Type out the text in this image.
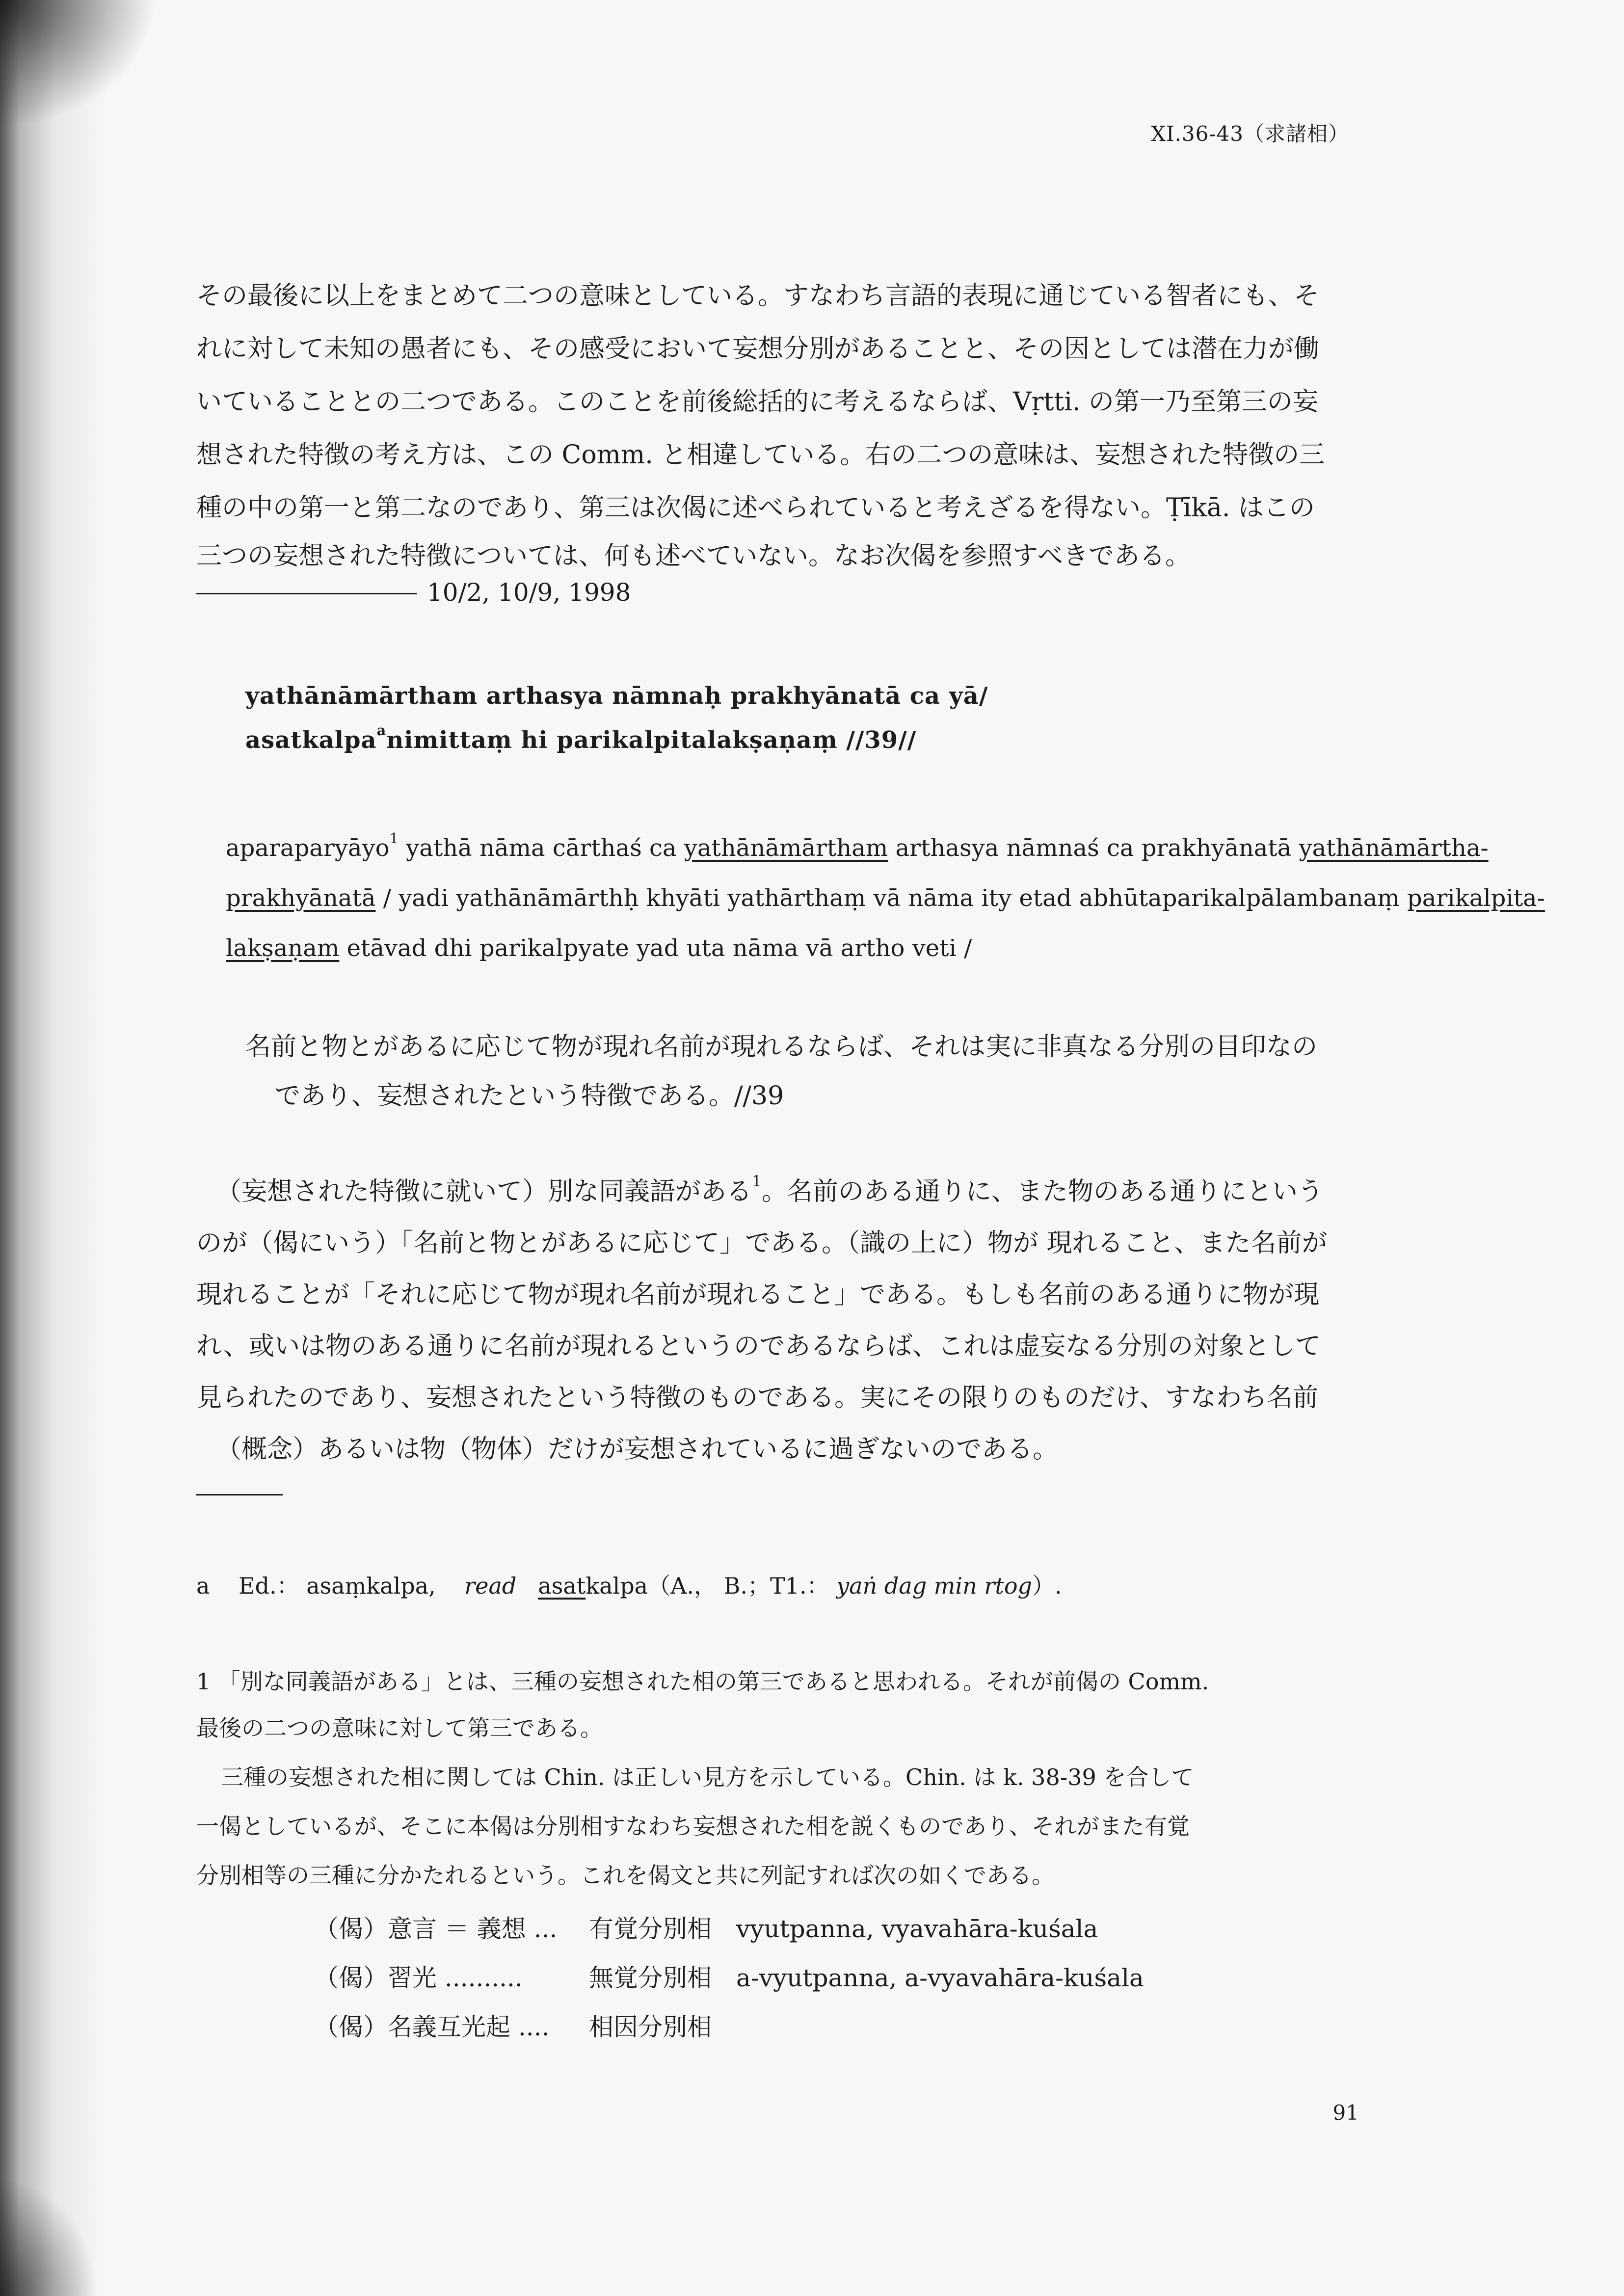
XI.36-43（求諸相）
その最後に以上をまとめて二つの意味としている。すなわち言語的表現に通じている智者にも、そ
れに対して未知の愚者にも、その感受において妄想分別があることと、その因としては潜在力が働
いていることとの二つである。このことを前後総括的に考えるならば、Vṛtti. の第一乃至第三の妄
想された特徴の考え方は、この Comm. と相違している。右の二つの意味は、妄想された特徴の三
種の中の第一と第二なのであり、第三は次偈に述べられていると考えざるを得ない。Ṭīkā. はこの
三つの妄想された特徴については、何も述べていない。なお次偈を参照すべきである。
10/2, 10/9, 1998
yathānāmārtham arthasya nāmnaḥ prakhyānatā ca yā/
asatkalpa$^a$nimittaṃ hi parikalpitalakṣaṇaṃ //39//
aparaparyāyo$^1$ yathā nāma cārthaś ca yathānāmārtham arthasya nāmnaś ca prakhyānatā yathānāmārtha-
prakhyānatā / yadi yathānāmārthḥ khyāti yathārthaṃ vā nāma ity etad abhūtaparikalpālambanaṃ parikalpita-
lakṣaṇam etāvad dhi parikalpyate yad uta nāma vā artho veti /
名前と物とがあるに応じて物が現れ名前が現れるならば、それは実に非真なる分別の目印なの
であり、妄想されたという特徴である。//39
（妄想された特徴に就いて）別な同義語がある$^1$。名前のある通りに、また物のある通りにという
のが（偈にいう）「名前と物とがあるに応じて」である。（識の上に）物が 現れること、また名前が
現れることが「それに応じて物が現れ名前が現れること」である。もしも名前のある通りに物が現
れ、或いは物のある通りに名前が現れるというのであるならば、これは虚妄なる分別の対象として
見られたのであり、妄想されたという特徴のものである。実にその限りのものだけ、すなわち名前
（概念）あるいは物（物体）だけが妄想されているに過ぎないのである。
a Ed.： asaṃkalpa, read asatkalpa（A.， B.；T1.： yaṅ dag min rtog）.
1 「別な同義語がある」とは、三種の妄想された相の第三であると思われる。それが前偈の Comm.
最後の二つの意味に対して第三である。
三種の妄想された相に関しては Chin. は正しい見方を示している。Chin. は k. 38-39 を合して
一偈としているが、そこに本偈は分別相すなわち妄想された相を説くものであり、それがまた有覚
分別相等の三種に分かたれるという。これを偈文と共に列記すれば次の如くである。
（偈）意言 ＝ 義想 ... 有覚分別相 vyutpanna, vyavahāra-kuśala
（偈）習光 ..........	無覚分別相 a-vyutpanna, a-vyavahāra-kuśala
（偈）名義互光起 .... 相因分別相
91
